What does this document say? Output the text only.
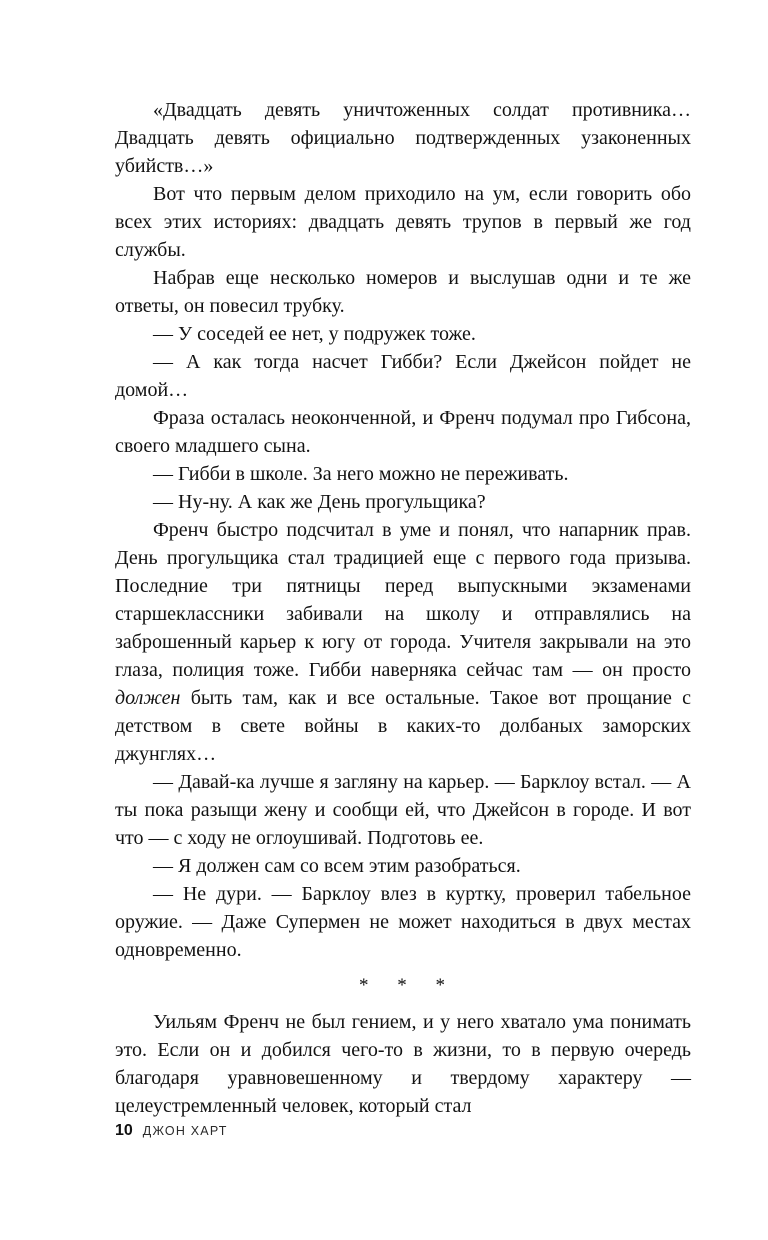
«Двадцать девять уничтоженных солдат противника… Двадцать девять официально подтвержденных узаконенных убийств…»

Вот что первым делом приходило на ум, если говорить обо всех этих историях: двадцать девять трупов в первый же год службы.

Набрав еще несколько номеров и выслушав одни и те же ответы, он повесил трубку.

— У соседей ее нет, у подружек тоже.

— А как тогда насчет Гибби? Если Джейсон пойдет не домой…

Фраза осталась неоконченной, и Френч подумал про Гибсона, своего младшего сына.

— Гибби в школе. За него можно не переживать.

— Ну-ну. А как же День прогульщика?

Френч быстро подсчитал в уме и понял, что напарник прав. День прогульщика стал традицией еще с первого года призыва. Последние три пятницы перед выпускными экзаменами старшеклассники забивали на школу и отправлялись на заброшенный карьер к югу от города. Учителя закрывали на это глаза, полиция тоже. Гибби наверняка сейчас там — он просто должен быть там, как и все остальные. Такое вот прощание с детством в свете войны в каких-то долбаных заморских джунглях…

— Давай-ка лучше я загляну на карьер. — Барклоу встал. — А ты пока разыщи жену и сообщи ей, что Джейсон в городе. И вот что — с ходу не оглоушивай. Подготовь ее.

— Я должен сам со всем этим разобраться.

— Не дури. — Барклоу влез в куртку, проверил табельное оружие. — Даже Супермен не может находиться в двух местах одновременно.

* * *

Уильям Френч не был гением, и у него хватало ума понимать это. Если он и добился чего-то в жизни, то в первую очередь благодаря уравновешенному и твердому характеру — целеустремленный человек, который стал

10 ДЖОН ХАРТ
